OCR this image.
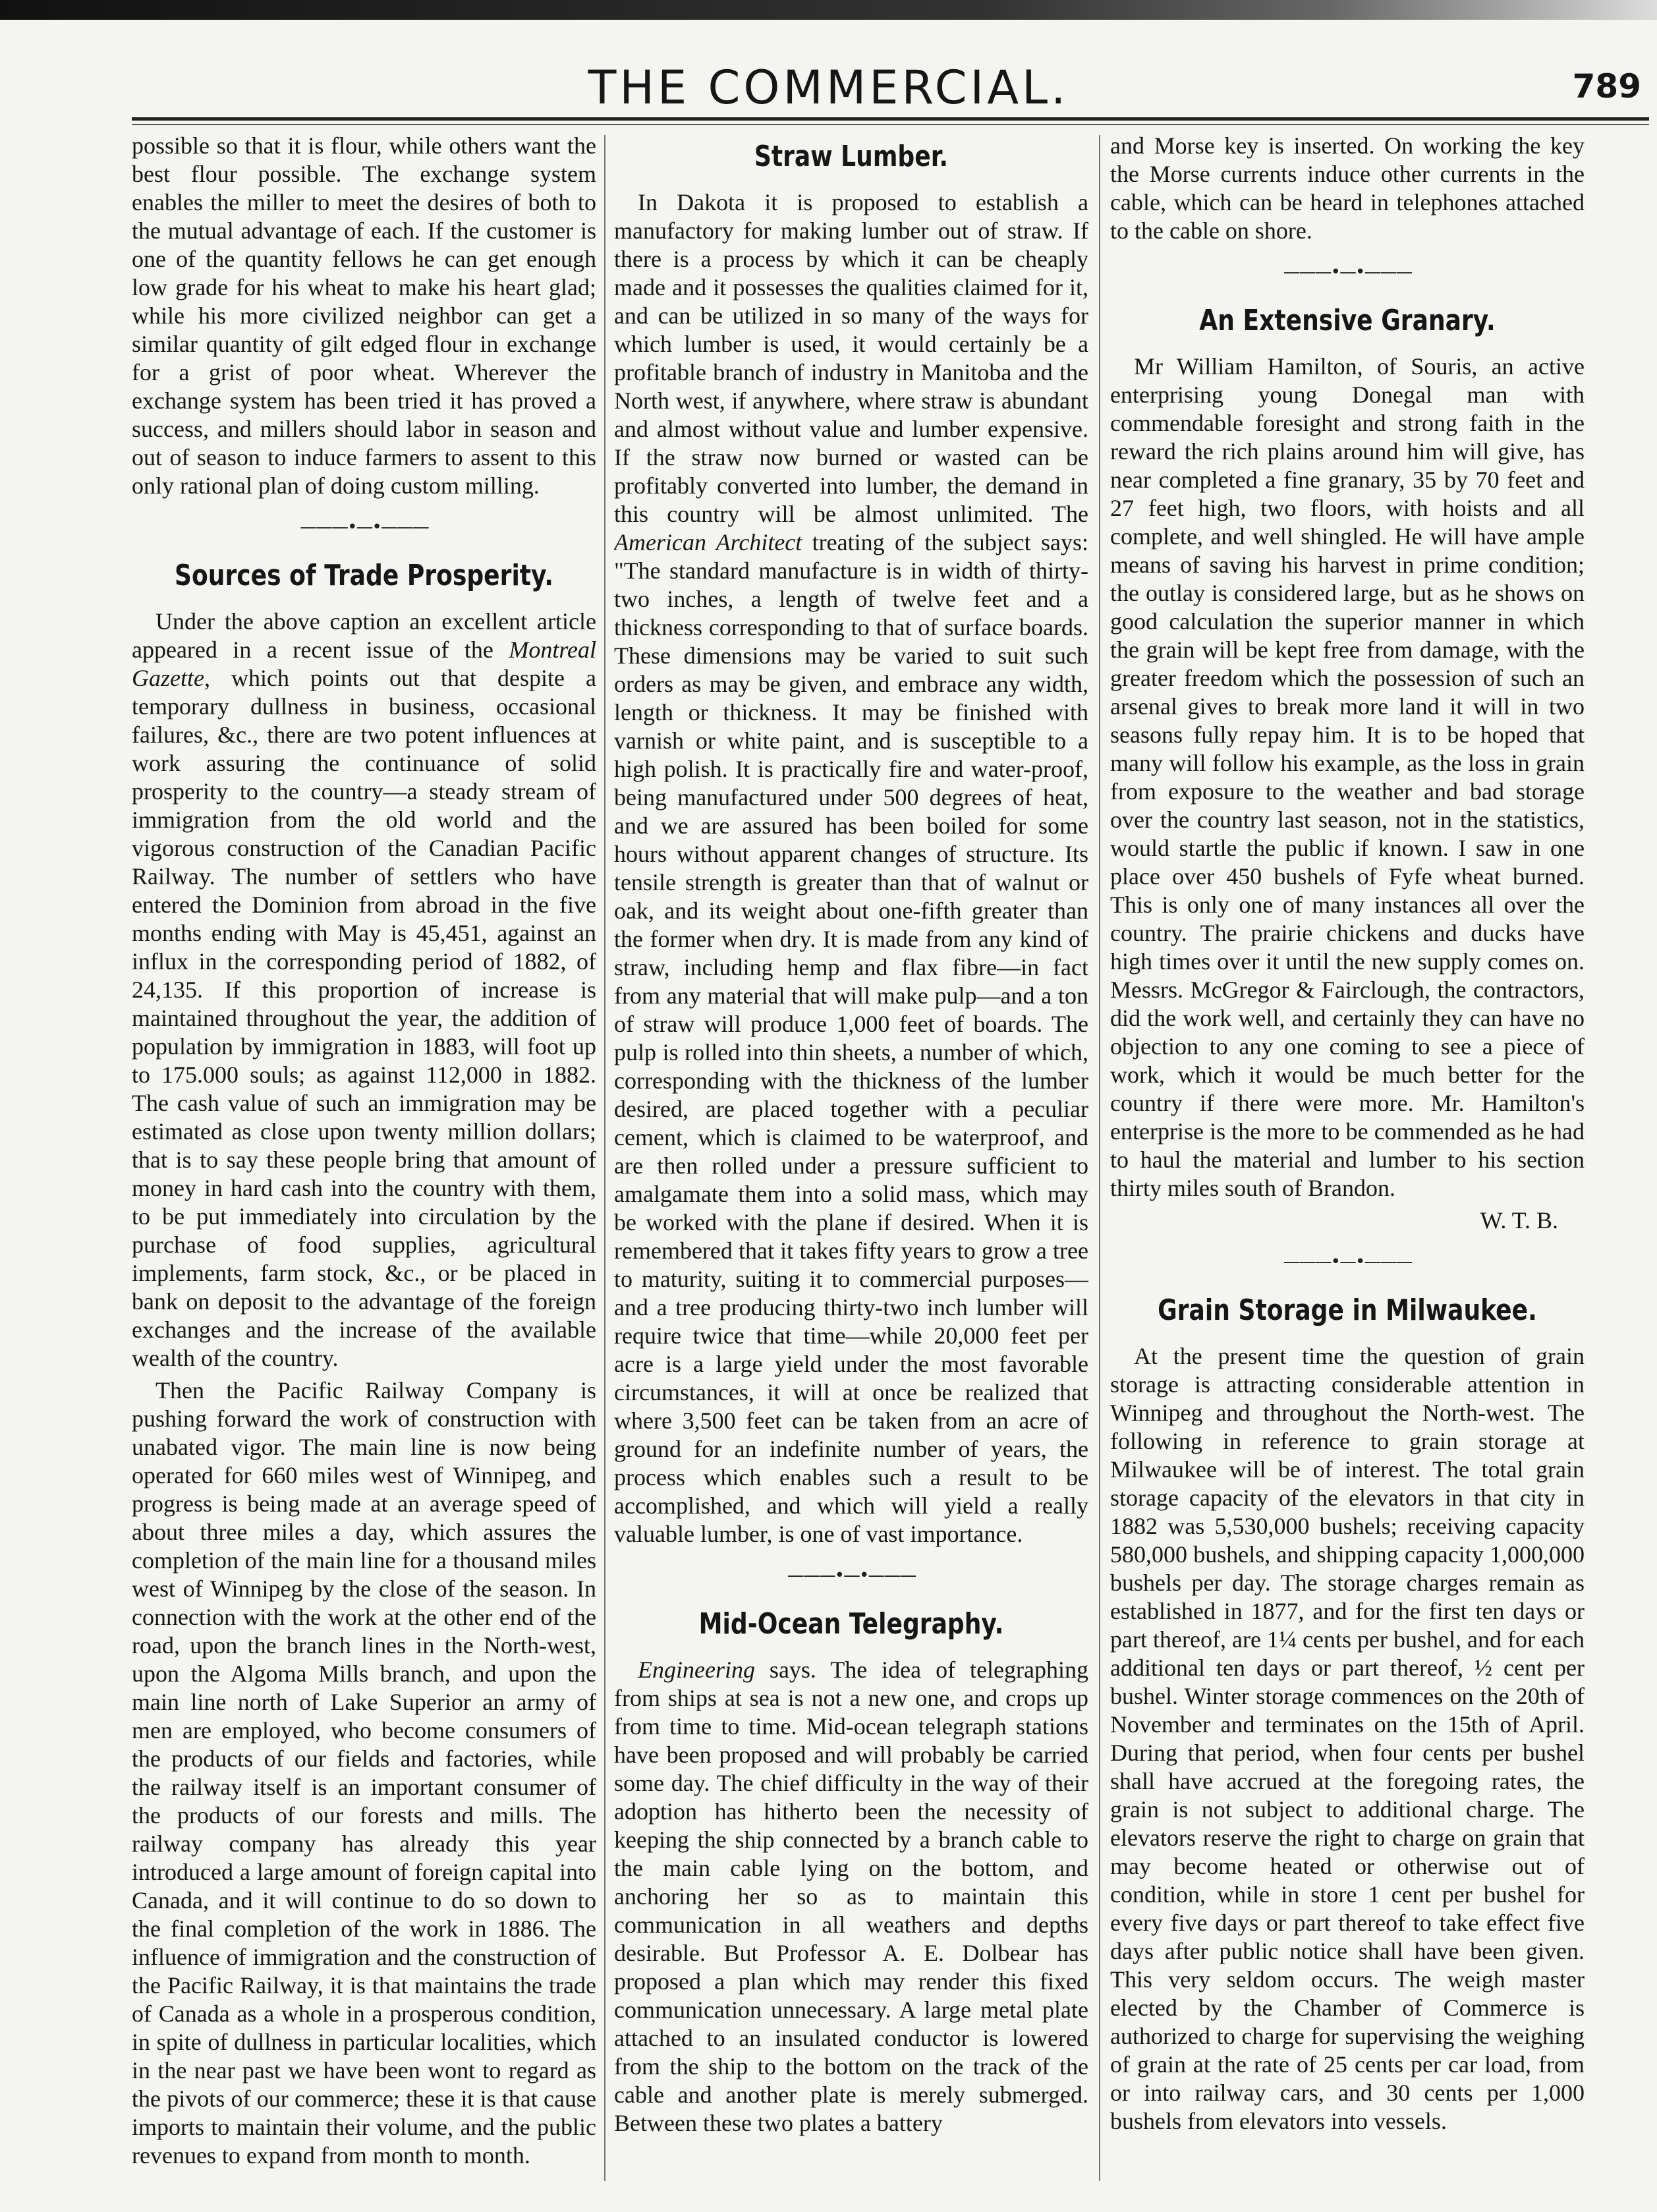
THE COMMERCIAL.	789

possible so that it is flour, while others want the best flour possible. The exchange system enables the miller to meet the desires of both to the mutual advantage of each. If the customer is one of the quantity fellows he can get enough low grade for his wheat to make his heart glad; while his more civilized neighbor can get a similar quantity of gilt edged flour in exchange for a grist of poor wheat. Wherever the exchange system has been tried it has proved a success, and millers should labor in season and out of season to induce farmers to assent to this only rational plan of doing custom milling.

———•—•———
Sources of Trade Prosperity.

Under the above caption an excellent article appeared in a recent issue of the Montreal Gazette, which points out that despite a temporary dullness in business, occasional failures, &c., there are two potent influences at work assuring the continuance of solid prosperity to the country—a steady stream of immigration from the old world and the vigorous construction of the Canadian Pacific Railway. The number of settlers who have entered the Dominion from abroad in the five months ending with May is 45,451, against an influx in the corresponding period of 1882, of 24,135. If this proportion of increase is maintained throughout the year, the addition of population by immigration in 1883, will foot up to 175.000 souls; as against 112,000 in 1882. The cash value of such an immigration may be estimated as close upon twenty million dollars; that is to say these people bring that amount of money in hard cash into the country with them, to be put immediately into circulation by the purchase of food supplies, agricultural implements, farm stock, &c., or be placed in bank on deposit to the advantage of the foreign exchanges and the increase of the available wealth of the country.

Then the Pacific Railway Company is pushing forward the work of construction with unabated vigor. The main line is now being operated for 660 miles west of Winnipeg, and progress is being made at an average speed of about three miles a day, which assures the completion of the main line for a thousand miles west of Winnipeg by the close of the season. In connection with the work at the other end of the road, upon the branch lines in the North-west, upon the Algoma Mills branch, and upon the main line north of Lake Superior an army of men are employed, who become consumers of the products of our fields and factories, while the railway itself is an important consumer of the products of our forests and mills. The railway company has already this year introduced a large amount of foreign capital into Canada, and it will continue to do so down to the final completion of the work in 1886. The influence of immigration and the construction of the Pacific Railway, it is that maintains the trade of Canada as a whole in a prosperous condition, in spite of dullness in particular localities, which in the near past we have been wont to regard as the pivots of our commerce; these it is that cause imports to maintain their volume, and the public revenues to expand from month to month.

Straw Lumber.

In Dakota it is proposed to establish a manufactory for making lumber out of straw. If there is a process by which it can be cheaply made and it possesses the qualities claimed for it, and can be utilized in so many of the ways for which lumber is used, it would certainly be a profitable branch of industry in Manitoba and the North west, if anywhere, where straw is abundant and almost without value and lumber expensive. If the straw now burned or wasted can be profitably converted into lumber, the demand in this country will be almost unlimited. The American Architect treating of the subject says: "The standard manufacture is in width of thirty-two inches, a length of twelve feet and a thickness corresponding to that of surface boards. These dimensions may be varied to suit such orders as may be given, and embrace any width, length or thickness. It may be finished with varnish or white paint, and is susceptible to a high polish. It is practically fire and water-proof, being manufactured under 500 degrees of heat, and we are assured has been boiled for some hours without apparent changes of structure. Its tensile strength is greater than that of walnut or oak, and its weight about one-fifth greater than the former when dry. It is made from any kind of straw, including hemp and flax fibre—in fact from any material that will make pulp—and a ton of straw will produce 1,000 feet of boards. The pulp is rolled into thin sheets, a number of which, corresponding with the thickness of the lumber desired, are placed together with a peculiar cement, which is claimed to be waterproof, and are then rolled under a pressure sufficient to amalgamate them into a solid mass, which may be worked with the plane if desired. When it is remembered that it takes fifty years to grow a tree to maturity, suiting it to commercial purposes—and a tree producing thirty-two inch lumber will require twice that time—while 20,000 feet per acre is a large yield under the most favorable circumstances, it will at once be realized that where 3,500 feet can be taken from an acre of ground for an indefinite number of years, the process which enables such a result to be accomplished, and which will yield a really valuable lumber, is one of vast importance.

———•—•———
Mid-Ocean Telegraphy.

Engineering says. The idea of telegraphing from ships at sea is not a new one, and crops up from time to time. Mid-ocean telegraph stations have been proposed and will probably be carried some day. The chief difficulty in the way of their adoption has hitherto been the necessity of keeping the ship connected by a branch cable to the main cable lying on the bottom, and anchoring her so as to maintain this communication in all weathers and depths desirable. But Professor A. E. Dolbear has proposed a plan which may render this fixed communication unnecessary. A large metal plate attached to an insulated conductor is lowered from the ship to the bottom on the track of the cable and another plate is merely submerged. Between these two plates a battery

and Morse key is inserted. On working the key the Morse currents induce other currents in the cable, which can be heard in telephones attached to the cable on shore.

———•—•———
An Extensive Granary.

Mr William Hamilton, of Souris, an active enterprising young Donegal man with commendable foresight and strong faith in the reward the rich plains around him will give, has near completed a fine granary, 35 by 70 feet and 27 feet high, two floors, with hoists and all complete, and well shingled. He will have ample means of saving his harvest in prime condition; the outlay is considered large, but as he shows on good calculation the superior manner in which the grain will be kept free from damage, with the greater freedom which the possession of such an arsenal gives to break more land it will in two seasons fully repay him. It is to be hoped that many will follow his example, as the loss in grain from exposure to the weather and bad storage over the country last season, not in the statistics, would startle the public if known. I saw in one place over 450 bushels of Fyfe wheat burned. This is only one of many instances all over the country. The prairie chickens and ducks have high times over it until the new supply comes on. Messrs. McGregor & Fairclough, the contractors, did the work well, and certainly they can have no objection to any one coming to see a piece of work, which it would be much better for the country if there were more. Mr. Hamilton's enterprise is the more to be commended as he had to haul the material and lumber to his section thirty miles south of Brandon.

W. T. B.

———•—•———
Grain Storage in Milwaukee.

At the present time the question of grain storage is attracting considerable attention in Winnipeg and throughout the North-west. The following in reference to grain storage at Milwaukee will be of interest. The total grain storage capacity of the elevators in that city in 1882 was 5,530,000 bushels; receiving capacity 580,000 bushels, and shipping capacity 1,000,000 bushels per day. The storage charges remain as established in 1877, and for the first ten days or part thereof, are 1¼ cents per bushel, and for each additional ten days or part thereof, ½ cent per bushel. Winter storage commences on the 20th of November and terminates on the 15th of April. During that period, when four cents per bushel shall have accrued at the foregoing rates, the grain is not subject to additional charge. The elevators reserve the right to charge on grain that may become heated or otherwise out of condition, while in store 1 cent per bushel for every five days or part thereof to take effect five days after public notice shall have been given. This very seldom occurs. The weigh master elected by the Chamber of Commerce is authorized to charge for supervising the weighing of grain at the rate of 25 cents per car load, from or into railway cars, and 30 cents per 1,000 bushels from elevators into vessels.
